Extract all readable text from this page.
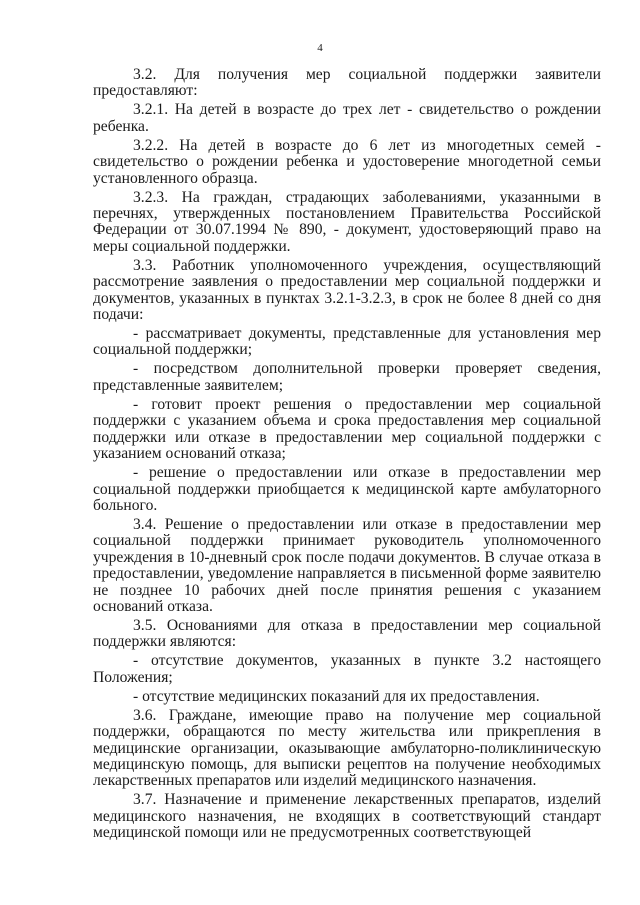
4

3.2. Для получения мер социальной поддержки заявители предоставляют:

3.2.1. На детей в возрасте до трех лет - свидетельство о рождении ребенка.

3.2.2. На детей в возрасте до 6 лет из многодетных семей - свидетельство о рождении ребенка и удостоверение многодетной семьи установленного образца.

3.2.3. На граждан, страдающих заболеваниями, указанными в перечнях, утвержденных постановлением Правительства Российской Федерации от 30.07.1994 № 890, - документ, удостоверяющий право на меры социальной поддержки.

3.3. Работник уполномоченного учреждения, осуществляющий рассмотрение заявления о предоставлении мер социальной поддержки и документов, указанных в пунктах 3.2.1-3.2.3, в срок не более 8 дней со дня подачи:

- рассматривает документы, представленные для установления мер социальной поддержки;

- посредством дополнительной проверки проверяет сведения, представленные заявителем;

- готовит проект решения о предоставлении мер социальной поддержки с указанием объема и срока предоставления мер социальной поддержки или отказе в предоставлении мер социальной поддержки с указанием оснований отказа;

- решение о предоставлении или отказе в предоставлении мер социальной поддержки приобщается к медицинской карте амбулаторного больного.

3.4. Решение о предоставлении или отказе в предоставлении мер социальной поддержки принимает руководитель уполномоченного учреждения в 10-дневный срок после подачи документов. В случае отказа в предоставлении, уведомление направляется в письменной форме заявителю не позднее 10 рабочих дней после принятия решения с указанием оснований отказа.

3.5. Основаниями для отказа в предоставлении мер социальной поддержки являются:

- отсутствие документов, указанных в пункте 3.2 настоящего Положения;

- отсутствие медицинских показаний для их предоставления.

3.6. Граждане, имеющие право на получение мер социальной поддержки, обращаются по месту жительства или прикрепления в медицинские организации, оказывающие амбулаторно-поликлиническую медицинскую помощь, для выписки рецептов на получение необходимых лекарственных препаратов или изделий медицинского назначения.

3.7. Назначение и применение лекарственных препаратов, изделий медицинского назначения, не входящих в соответствующий стандарт медицинской помощи или не предусмотренных соответствующей
